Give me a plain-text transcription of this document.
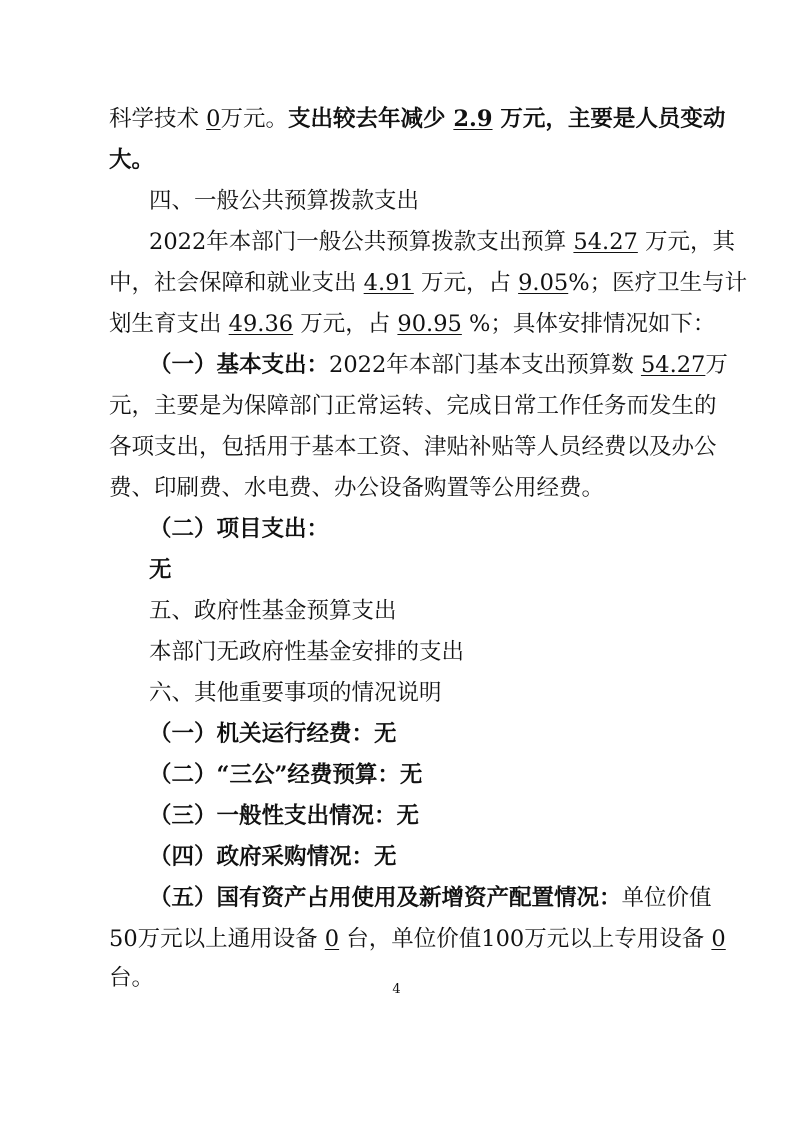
科学技术 0万元。支出较去年减少 2.9 万元，主要是人员变动
大。
四、一般公共预算拨款支出
2022年本部门一般公共预算拨款支出预算 54.27 万元，其
中，社会保障和就业支出 4.91 万元，占 9.05%；医疗卫生与计
划生育支出 49.36 万元，占 90.95 %；具体安排情况如下：
（一）基本支出：2022年本部门基本支出预算数 54.27万
元，主要是为保障部门正常运转、完成日常工作任务而发生的
各项支出，包括用于基本工资、津贴补贴等人员经费以及办公
费、印刷费、水电费、办公设备购置等公用经费。
（二）项目支出：
无
五、政府性基金预算支出
本部门无政府性基金安排的支出
六、其他重要事项的情况说明
（一）机关运行经费：无
（二）“三公”经费预算：无
（三）一般性支出情况：无
（四）政府采购情况：无
（五）国有资产占用使用及新增资产配置情况：单位价值
50万元以上通用设备 0 台，单位价值100万元以上专用设备 0
台。	4
